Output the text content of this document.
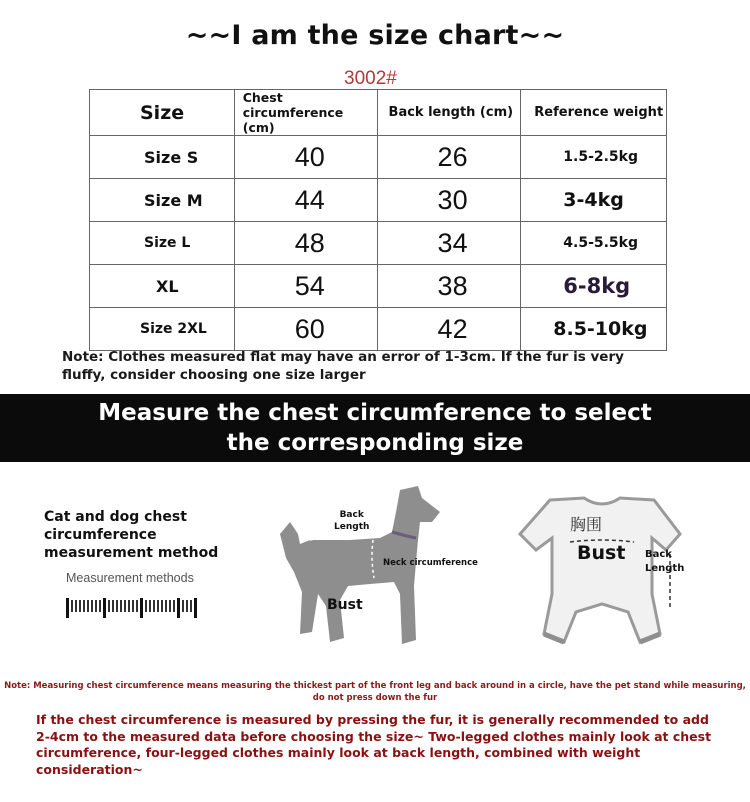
~~I am the size chart~~
3002#
Size	Chest circumference (cm)	Back length (cm)	Reference weight
Size S	40	26	1.5-2.5kg
Size M	44	30	3-4kg
Size L	48	34	4.5-5.5kg
XL	54	38	6-8kg
Size 2XL	60	42	8.5-10kg
Note: Clothes measured flat may have an error of 1-3cm. If the fur is very fluffy, consider choosing one size larger
Measure the chest circumference to select
the corresponding size
Cat and dog chest
circumference
measurement method
Measurement methods
Back
Length
Neck circumference
Bust
胸围
Bust Back
Length
Note: Measuring chest circumference means measuring the thickest part of the front leg and back around in a circle, have the pet stand while measuring,
do not press down the fur
If the chest circumference is measured by pressing the fur, it is generally recommended to add 2-4cm to the measured data before choosing the size~ Two-legged clothes mainly look at chest circumference, four-legged clothes mainly look at back length, combined with weight consideration~
